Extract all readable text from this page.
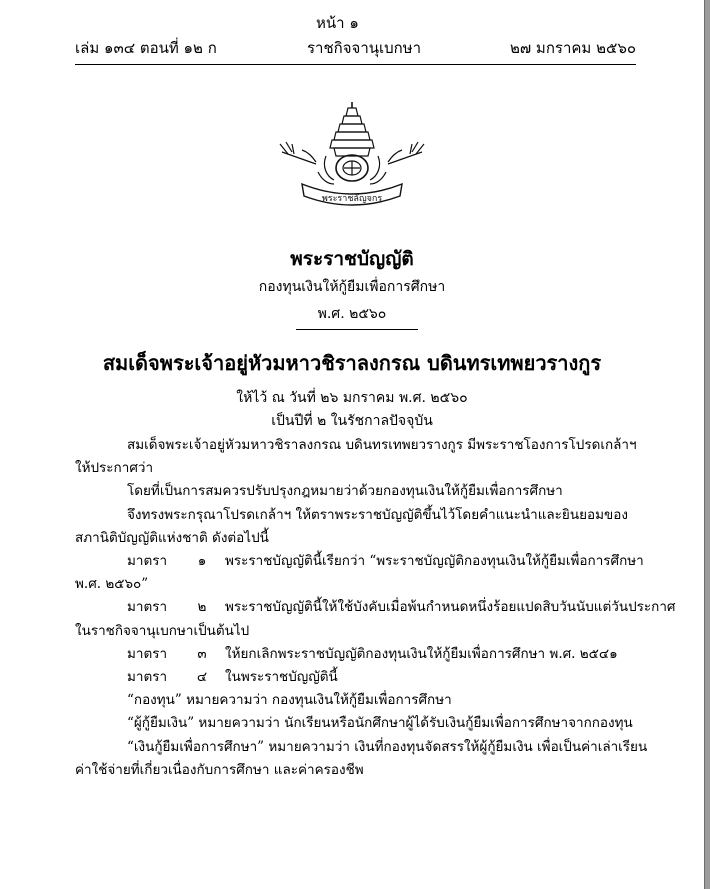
หน้า ๑
เล่ม ๑๓๔ ตอนที่ ๑๒ ก	ราชกิจจานุเบกษา	๒๗ มกราคม ๒๕๖๐
พระราชลัญจกร
พระราชบัญญัติ
กองทุนเงินให้กู้ยืมเพื่อการศึกษา
พ.ศ. ๒๕๖๐
สมเด็จพระเจ้าอยู่หัวมหาวชิราลงกรณ บดินทรเทพยวรางกูร
ให้ไว้ ณ วันที่ ๒๖ มกราคม พ.ศ. ๒๕๖๐
เป็นปีที่ ๒ ในรัชกาลปัจจุบัน

สมเด็จพระเจ้าอยู่หัวมหาวชิราลงกรณ บดินทรเทพยวรางกูร มีพระราชโองการโปรดเกล้าฯ

ให้ประกาศว่า

โดยที่เป็นการสมควรปรับปรุงกฎหมายว่าด้วยกองทุนเงินให้กู้ยืมเพื่อการศึกษา

จึงทรงพระกรุณาโปรดเกล้าฯ ให้ตราพระราชบัญญัติขึ้นไว้โดยคำแนะนำและยินยอมของ

สภานิติบัญญัติแห่งชาติ ดังต่อไปนี้

มาตรา ๑ พระราชบัญญัตินี้เรียกว่า “พระราชบัญญัติกองทุนเงินให้กู้ยืมเพื่อการศึกษา

พ.ศ. ๒๕๖๐”

มาตรา ๒ พระราชบัญญัตินี้ให้ใช้บังคับเมื่อพ้นกำหนดหนึ่งร้อยแปดสิบวันนับแต่วันประกาศ

ในราชกิจจานุเบกษาเป็นต้นไป

มาตรา ๓ ให้ยกเลิกพระราชบัญญัติกองทุนเงินให้กู้ยืมเพื่อการศึกษา พ.ศ. ๒๕๔๑

มาตรา ๔ ในพระราชบัญญัตินี้

“กองทุน” หมายความว่า กองทุนเงินให้กู้ยืมเพื่อการศึกษา

“ผู้กู้ยืมเงิน” หมายความว่า นักเรียนหรือนักศึกษาผู้ได้รับเงินกู้ยืมเพื่อการศึกษาจากกองทุน

“เงินกู้ยืมเพื่อการศึกษา” หมายความว่า เงินที่กองทุนจัดสรรให้ผู้กู้ยืมเงิน เพื่อเป็นค่าเล่าเรียน

ค่าใช้จ่ายที่เกี่ยวเนื่องกับการศึกษา และค่าครองชีพ
